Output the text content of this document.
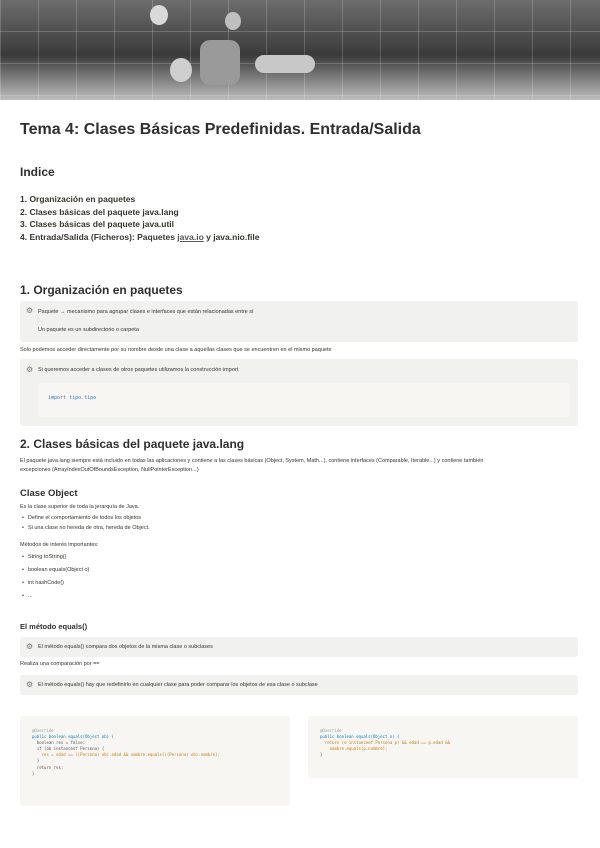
Tema 4: Clases Básicas Predefinidas. Entrada/Salida
Indice
1. Organización en paquetes
2. Clases básicas del paquete java.lang
3. Clases básicas del paquete java.util
4. Entrada/Salida (Ficheros): Paquetes java.io y java.nio.file
1. Organización en paquetes
⚙ Paquete → mecanismo para agrupar clases e interfaces que están relacionadas entre sí
Un paquete es un subdirectorio o carpeta
Solo podemos acceder directamente por su nombre desde una clase a aquellas clases que se encuentren en el mismo paquete
⚙ Si queremos acceder a clases de otros paquetes utilizamos la construcción import
import tipo.tipo
2. Clases básicas del paquete java.lang
El paquete java.lang siempre está incluido en todas las aplicaciones y contiene a las clases básicas (Object, System, Math...), contiene interfaces (Comparable, Iterable...) y contiene también
excepciones (ArrayIndexOutOfBoundsException, NullPointerException...)
Clase Object
Es la clase superior de toda la jerarquía de Java.
• Define el comportamiento de todos los objetos
• Si una clase no hereda de otra, hereda de Object.
Métodos de interés importantes:
• String toString()
• boolean equals(Object o)
• int hashCode()
• ...
El método equals()
⚙ El método equals() compara dos objetos de la misma clase o subclases
Realiza una comparación por ==
⚙ El método equals() hay que redefinirlo en cualquier clase para poder comparar los objetos de esa clase o subclase
@Override
public boolean equals(Object ob) {
boolean res = false;
if (ob instanceof Persona) {
res = edad == ((Persona) ob).edad && nombre.equals(((Persona) ob).nombre);
}
return res;
}
@Override
public boolean equals(Object o) {
return (o instanceof Persona p) && edad == p.edad &&
nombre.equals(p.nombre);
}
